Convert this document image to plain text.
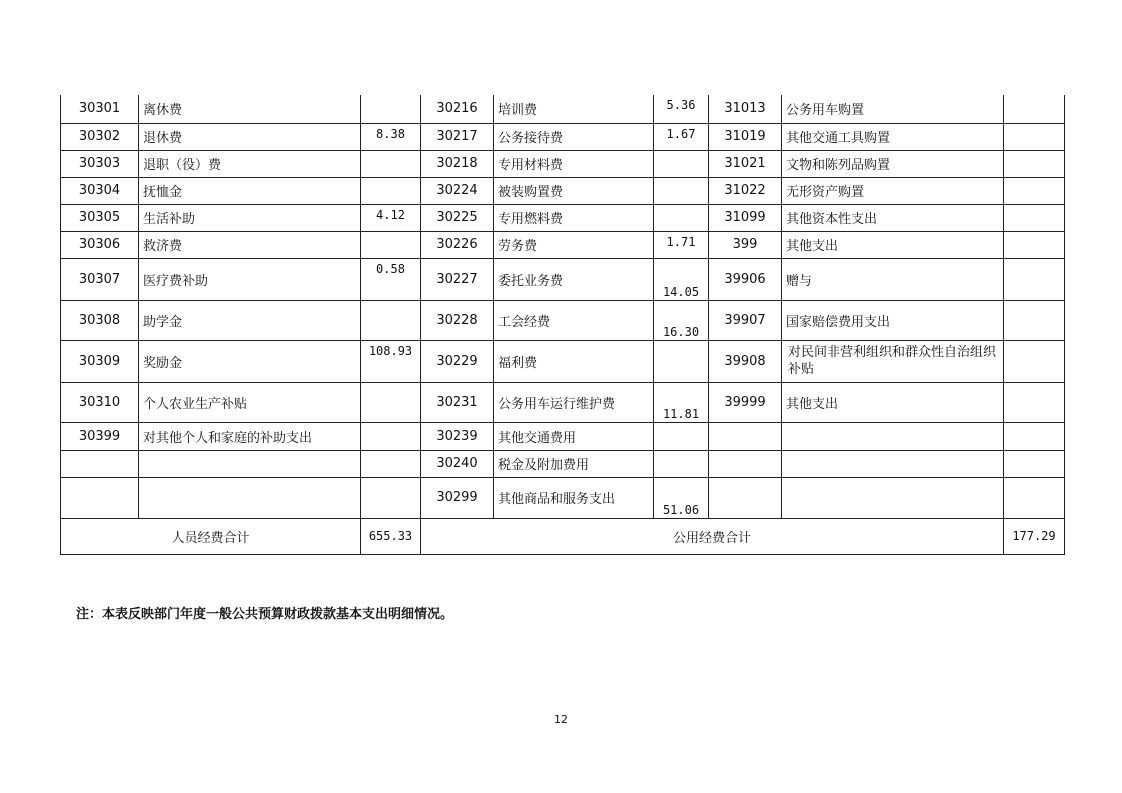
30301	离休费		30216	培训费	5.36	31013	公务用车购置	
30302	退休费	8.38	30217	公务接待费	1.67	31019	其他交通工具购置	
30303	退职（役）费		30218	专用材料费		31021	文物和陈列品购置	
30304	抚恤金		30224	被装购置费		31022	无形资产购置	
30305	生活补助	4.12	30225	专用燃料费		31099	其他资本性支出	
30306	救济费		30226	劳务费	1.71	399	其他支出	
30307	医疗费补助	0.58	30227	委托业务费	14.05	39906	赠与	
30308	助学金		30228	工会经费	16.30	39907	国家赔偿费用支出	
30309	奖励金	108.93	30229	福利费		39908	对民间非营利组织和群众性自治组织补贴	
30310	个人农业生产补贴		30231	公务用车运行维护费	11.81	39999	其他支出	
30399	对其他个人和家庭的补助支出		30239	其他交通费用				
			30240	税金及附加费用				
			30299	其他商品和服务支出	51.06			
人员经费合计		655.33	公用经费合计					177.29
注：本表反映部门年度一般公共预算财政拨款基本支出明细情况。
12
